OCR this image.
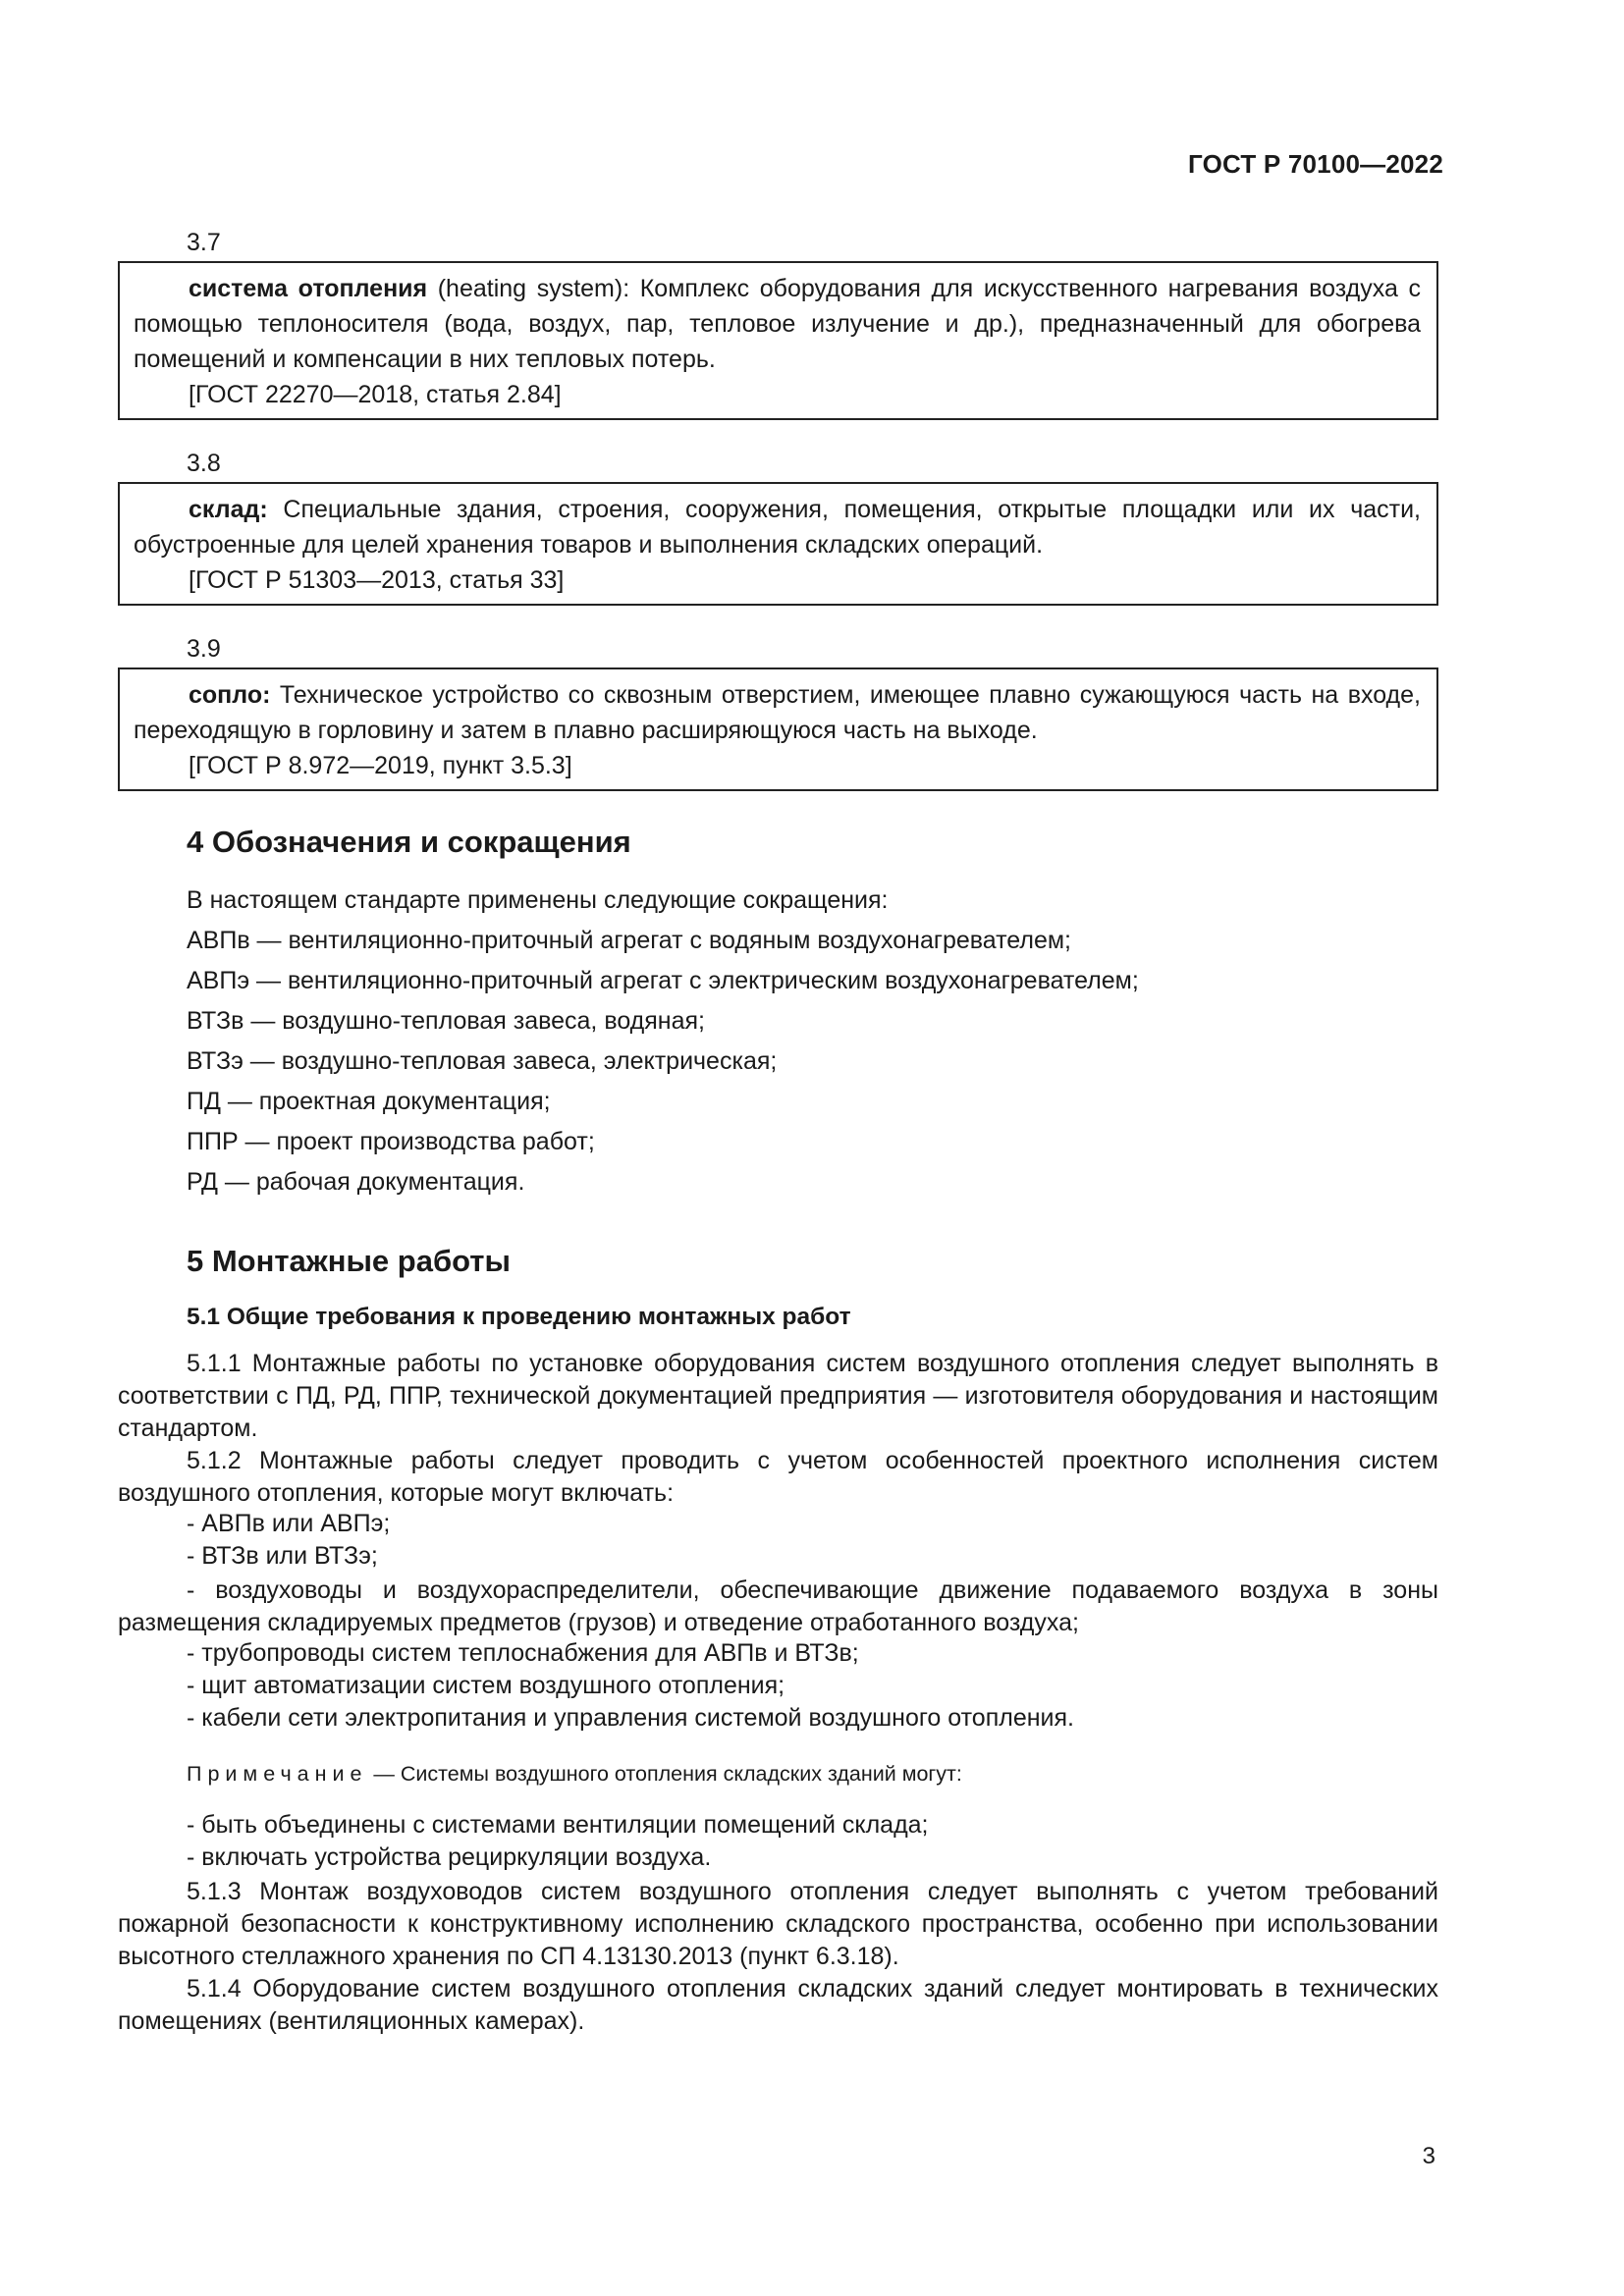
ГОСТ Р 70100—2022
3.7

система отопления (heating system): Комплекс оборудования для искусственного нагревания воздуха с помощью теплоносителя (вода, воздух, пар, тепловое излучение и др.), предназначенный для обогрева помещений и компенсации в них тепловых потерь.

[ГОСТ 22270—2018, статья 2.84]

3.8

склад: Специальные здания, строения, сооружения, помещения, открытые площадки или их части, обустроенные для целей хранения товаров и выполнения складских операций.

[ГОСТ Р 51303—2013, статья 33]

3.9

сопло: Техническое устройство со сквозным отверстием, имеющее плавно сужающуюся часть на входе, переходящую в горловину и затем в плавно расширяющуюся часть на выходе.

[ГОСТ Р 8.972—2019, пункт 3.5.3]

4 Обозначения и сокращения
В настоящем стандарте применены следующие сокращения:
АВПв — вентиляционно-приточный агрегат с водяным воздухонагревателем;
АВПэ — вентиляционно-приточный агрегат с электрическим воздухонагревателем;
ВТЗв — воздушно-тепловая завеса, водяная;
ВТЗэ — воздушно-тепловая завеса, электрическая;
ПД — проектная документация;
ППР — проект производства работ;
РД — рабочая документация.
5 Монтажные работы
5.1 Общие требования к проведению монтажных работ

5.1.1 Монтажные работы по установке оборудования систем воздушного отопления следует выполнять в соответствии с ПД, РД, ППР, технической документацией предприятия — изготовителя оборудования и настоящим стандартом.

5.1.2 Монтажные работы следует проводить с учетом особенностей проектного исполнения систем воздушного отопления, которые могут включать:

- АВПв или АВПэ;
- ВТЗв или ВТЗэ;

- воздуховоды и воздухораспределители, обеспечивающие движение подаваемого воздуха в зоны размещения складируемых предметов (грузов) и отведение отработанного воздуха;

- трубопроводы систем теплоснабжения для АВПв и ВТЗв;
- щит автоматизации систем воздушного отопления;
- кабели сети электропитания и управления системой воздушного отопления.
Примечание — Системы воздушного отопления складских зданий могут:
- быть объединены с системами вентиляции помещений склада;
- включать устройства рециркуляции воздуха.

5.1.3 Монтаж воздуховодов систем воздушного отопления следует выполнять с учетом требований пожарной безопасности к конструктивному исполнению складского пространства, особенно при использовании высотного стеллажного хранения по СП 4.13130.2013 (пункт 6.3.18).

5.1.4 Оборудование систем воздушного отопления складских зданий следует монтировать в технических помещениях (вентиляционных камерах).

3
